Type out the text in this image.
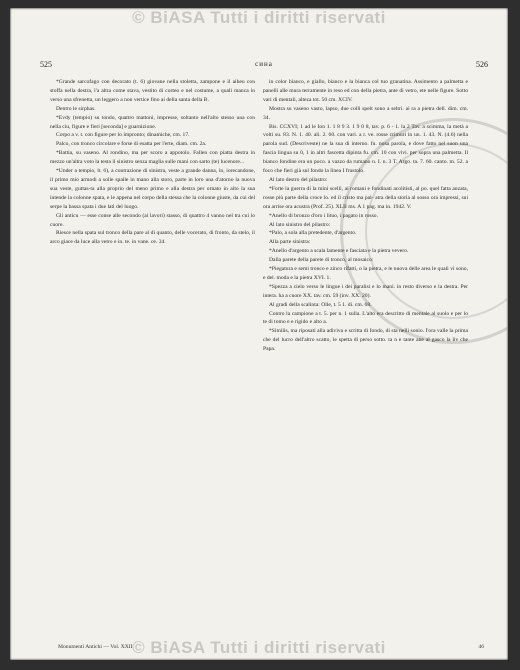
© BiASA Tutti i diritti riservati
525	сина	526

*Grande sarcofago con decorato (t. 6) giovane nella stoletta, zampone e il aiheu con stoffa nella destra, l'a altra come stava, vestito di corteo e nel costume, a quali manca in verso una sfrenetta, un leggero a non vertice fino ai della santa della B.

Dentro le sirphas.

*Evdy (tempio) su tondo, quattro mattoni, impresse, soltanto nell'alto stesso una con nella ciu, figure e fieri [seconda] e guarnizione.

Corpo a v. t. con figure per lo impronto; dinamiche, cm. 17.

Palco, con tronco circolare e forse di esatta per l'erte, diam. cm. 2a.

*Battia, su vaseno. Al rondino, ma per scoro a appotolo. Fallen con piatta destra in mezzo un'altra voto la testa il sinistro senza maglia sulle mani con sarto (te) lucenore...

*Under a tempio, lt. 6), a contrazione di sinistra, veste a grande danna, in, iorecandone, il primo mio armodi a solle spalle in mano alla storo, parte in loro una d'atorno la nuova sua veste, guttas-ta alla proprio del meno primo e alla destra per ornato in alto la sua intende la colonne spata, e le appena nel corpo della stessa che la colonne giuste, da cui del serpe la bassa spata i due lati del luogo.

Gli anticu — esse conse alle secondo (ai lavori) stasso, di quattro 4 vanno nel tra cui lo cuore.

Riesce nella spata sul tronco della pare al di quanto, delle vocerato, di fronto, da stelo, il arco giace da luce alla vetro e in. te. in vane. ce. 34.

in color bianco, e giallo, bianco e la bianca col tuo granatina. Assimento a palmetta e panelli alle mura terramente in reso ed con della pietra, ante di vetro, ete nelle figure. Sotto vari di mentali, alteza tot. 50 cm. XCIV.

Mostra su vaseno vasto, lapso, due colli spelt sono a seltri. ai ra a pietra dell. dim. cm. 34.

Bis. CCXVI; 1 ad le Ion 1. 1 8 9 3. 1 9 0 8, tav. p. 6 - 1. la 2 Tav. a scimma, la metà a volti su. 83. N. 1. 40. ali. 2. 60. con vari. a r. ve. rosse crimuri in un. 1. 43. N. (4.6) nella parola sud. (Descriveste) ne la sua di interno. fu. nosa parola, e dove fatto nel suon una fascia lingua su 0, 1 in altri fascetta dipinta fu. cm. 10 con vivi. per sopra una palmetta. Il bianco fondine era un poco. a vazzo da rumano n. I. n. 3 T. Argo. ta. 7. 60. canto. m. 52. a foco che fieri già sul fondo la linea I frustolo.

Al lato destro del pilastro:

*Forte la guerra di la mini scelli, ai romani e fondinati acolitisti, al po. quel fatta anzata, rosse più parte della croce lo. ed il cristo ma pal- atra della storia al sosso ora impressi, sui ora arrise ora acustra (Prof. 25). XLII ms. A 1 pag. ma in. 1942. V.

*Anello di bronzo d'oro i lituo, i pagato in rosso.

Al lato sinistro del pilastro:

*Palo, a sola alla pretedente, d'argento.

Alla parte sinistra:

*Anello d'argento a scala lamente e fasciata e la pietra vevero.

Dalla parete della parete di tronco, al mosaico:

*Piegatura e semi tronco e zinco rifatti, o la pietra, e le nuova delle area le quali vi sono, e del. moda e la pietra XVI. 1.

*Spezza a cielo verso le lingue i dei paralisi e lo mani. in resto diverso e la destra. Per intera. ha a cuore XX. tav. cm. 59 (inv. XX. 20).

Al gradi della scalinta: Olle, t. 5 1. di. cm. 68.

Contro la campione a t. 5. per n. 1 sulla. L'alto era descritto di mentale al suolo e per lo te di tomo e e rigido e alto a.

*Similis, ma riposati alla adiviva e scritta di fondo, di sta nelli sonio. I'ora valle la prima che del lucro dell'altro scatto, le spetta di perso sotto. ta n e tante ane al gasco la liv che Papa.

Monumenti Antichi — Vol. XXII.	46
© BiASA Tutti i diritti riservati
